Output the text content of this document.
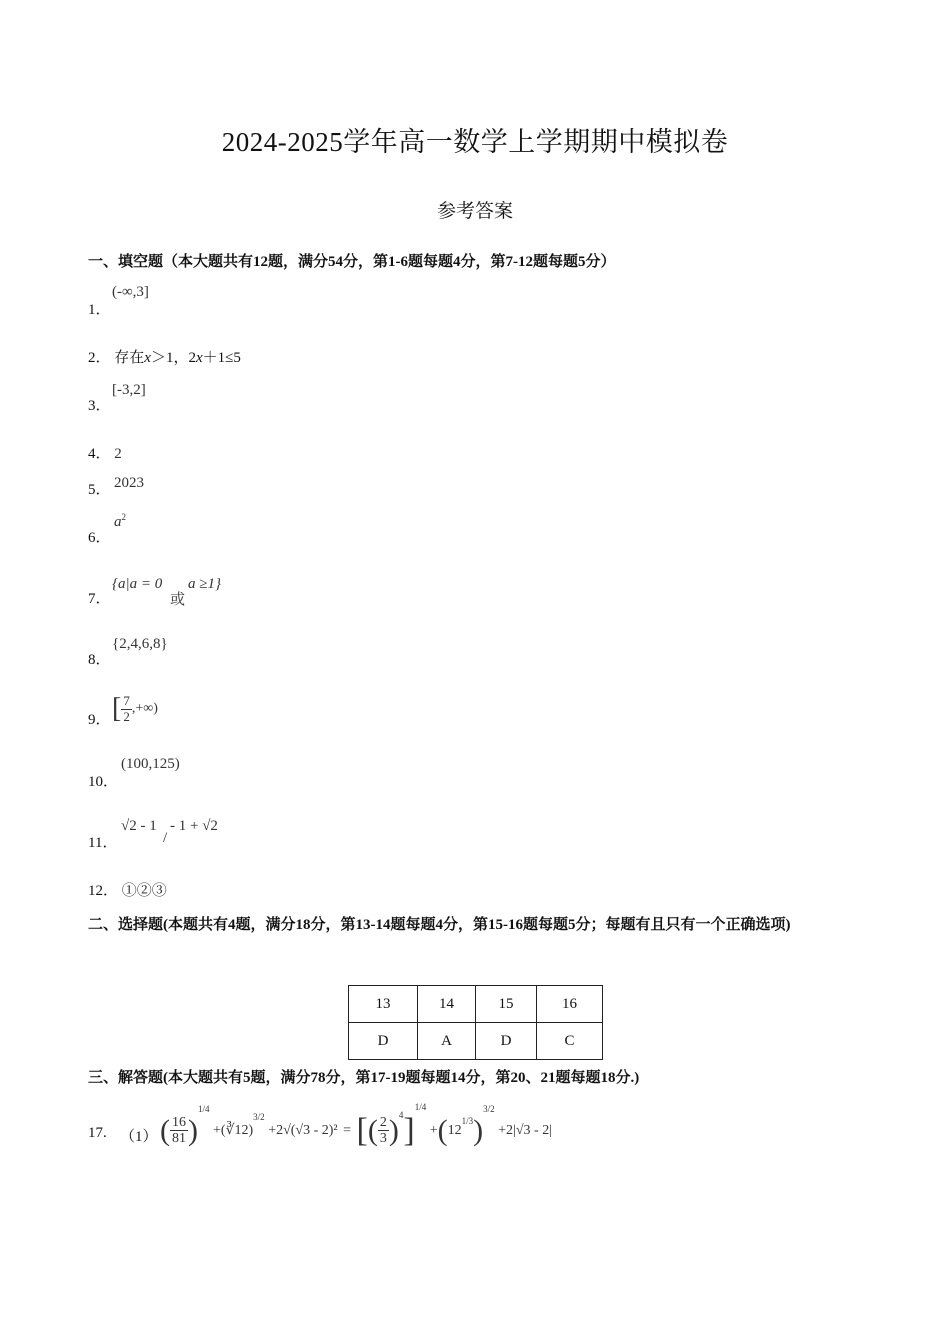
2024-2025学年高一数学上学期期中模拟卷
参考答案
一、填空题（本大题共有12题，满分54分，第1-6题每题4分，第7-12题每题5分）
1．
(-∞,3]
2． 存在x＞1，2x＋1≤5
3．
[-3,2]
4． 2
5． 2023
6．
$a^2$
7．
{a|a = 0
或
a ≥1}
8．
{2,4,6,8}
9． [ $\frac{7}{2}$ ,+∞)
10．
(100,125)
11．
√2 - 1
/
- 1 + √2
12． ①②③
二、选择题(本题共有4题，满分18分，第13-14题每题4分，第15-16题每题5分；每题有且只有一个正确选项)
13	14	15	16
D	A	D	C
三、解答题(本大题共有5题，满分78分，第17-19题每题14分，第20、21题每题18分.)
17. （1） ( $\frac{16}{81} )^{1/4}$ +(∛12)$^{3/2}$ +2√(√3 - 2)² = [( $\frac{2}{3} )^4]^{1/4} +(12^{1/3})^{3/2} +2|√3 - 2|$
